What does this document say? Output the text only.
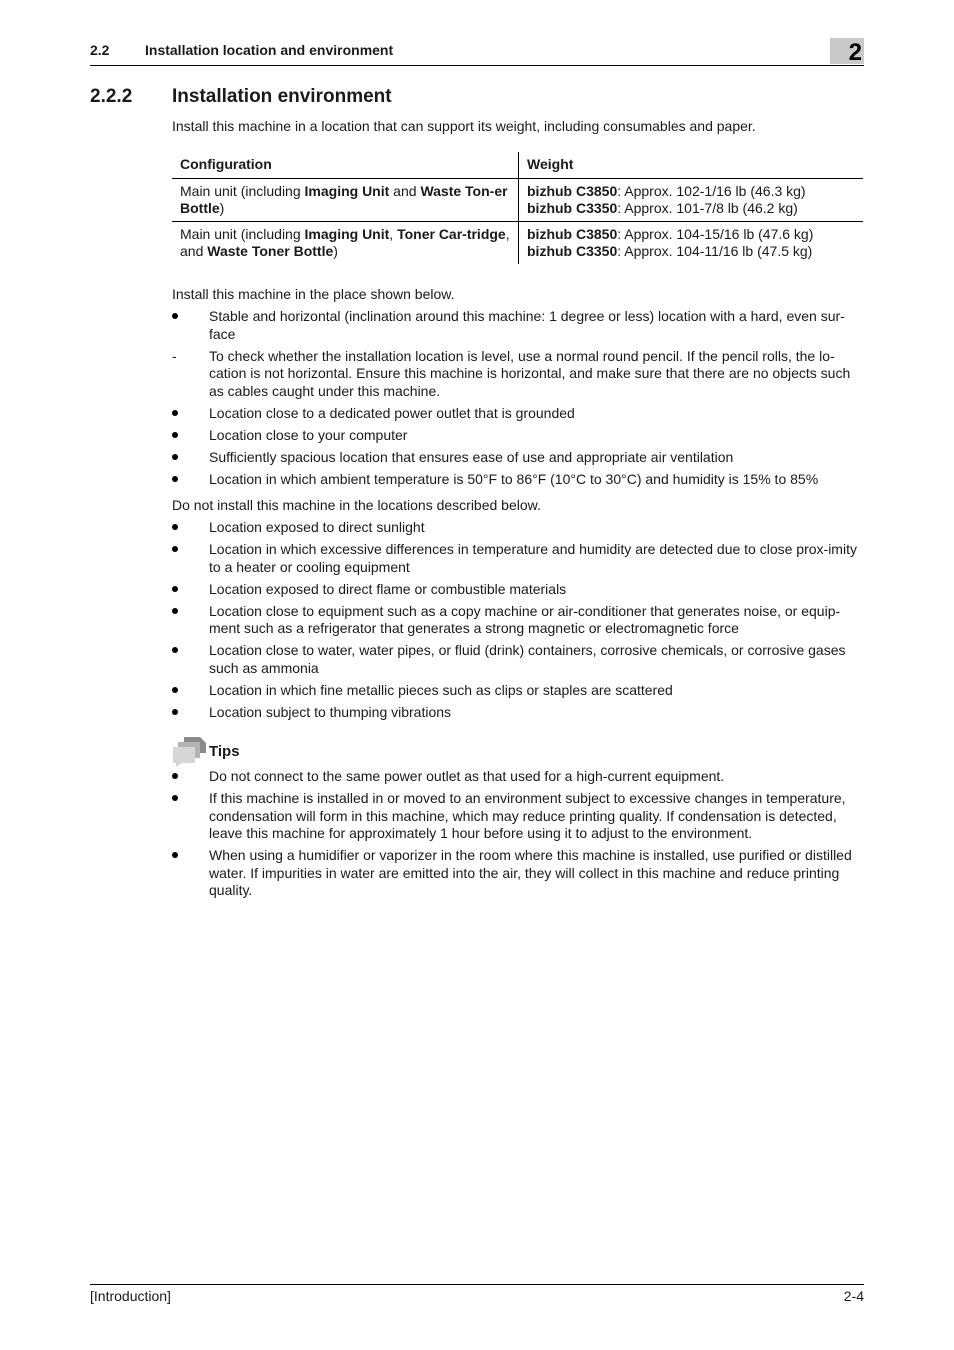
2.2	Installation location and environment	2
2.2.2 Installation environment

Install this machine in a location that can support its weight, including consumables and paper.

Configuration	Weight
Main unit (including Imaging Unit and Waste Ton-er Bottle)	bizhub C3850: Approx. 102-1/16 lb (46.3 kg)
bizhub C3350: Approx. 101-7/8 lb (46.2 kg)

Main unit (including Imaging Unit, Toner Car-tridge, and Waste Toner Bottle)	bizhub C3850: Approx. 104-15/16 lb (47.6 kg)
bizhub C3350: Approx. 104-11/16 lb (47.5 kg)

Install this machine in the place shown below.

Stable and horizontal (inclination around this machine: 1 degree or less) location with a hard, even sur-face
-	To check whether the installation location is level, use a normal round pencil. If the pencil rolls, the lo-cation is not horizontal. Ensure this machine is horizontal, and make sure that there are no objects such as cables caught under this machine.
Location close to a dedicated power outlet that is grounded
Location close to your computer
Sufficiently spacious location that ensures ease of use and appropriate air ventilation
Location in which ambient temperature is 50°F to 86°F (10°C to 30°C) and humidity is 15% to 85%

Do not install this machine in the locations described below.

Location exposed to direct sunlight
Location in which excessive differences in temperature and humidity are detected due to close prox-imity to a heater or cooling equipment
Location exposed to direct flame or combustible materials
Location close to equipment such as a copy machine or air-conditioner that generates noise, or equip-ment such as a refrigerator that generates a strong magnetic or electromagnetic force
Location close to water, water pipes, or fluid (drink) containers, corrosive chemicals, or corrosive gases such as ammonia
Location in which fine metallic pieces such as clips or staples are scattered
Location subject to thumping vibrations
Tips
Do not connect to the same power outlet as that used for a high-current equipment.
If this machine is installed in or moved to an environment subject to excessive changes in temperature, condensation will form in this machine, which may reduce printing quality. If condensation is detected, leave this machine for approximately 1 hour before using it to adjust to the environment.
When using a humidifier or vaporizer in the room where this machine is installed, use purified or distilled water. If impurities in water are emitted into the air, they will collect in this machine and reduce printing quality.
[Introduction]	2-4
